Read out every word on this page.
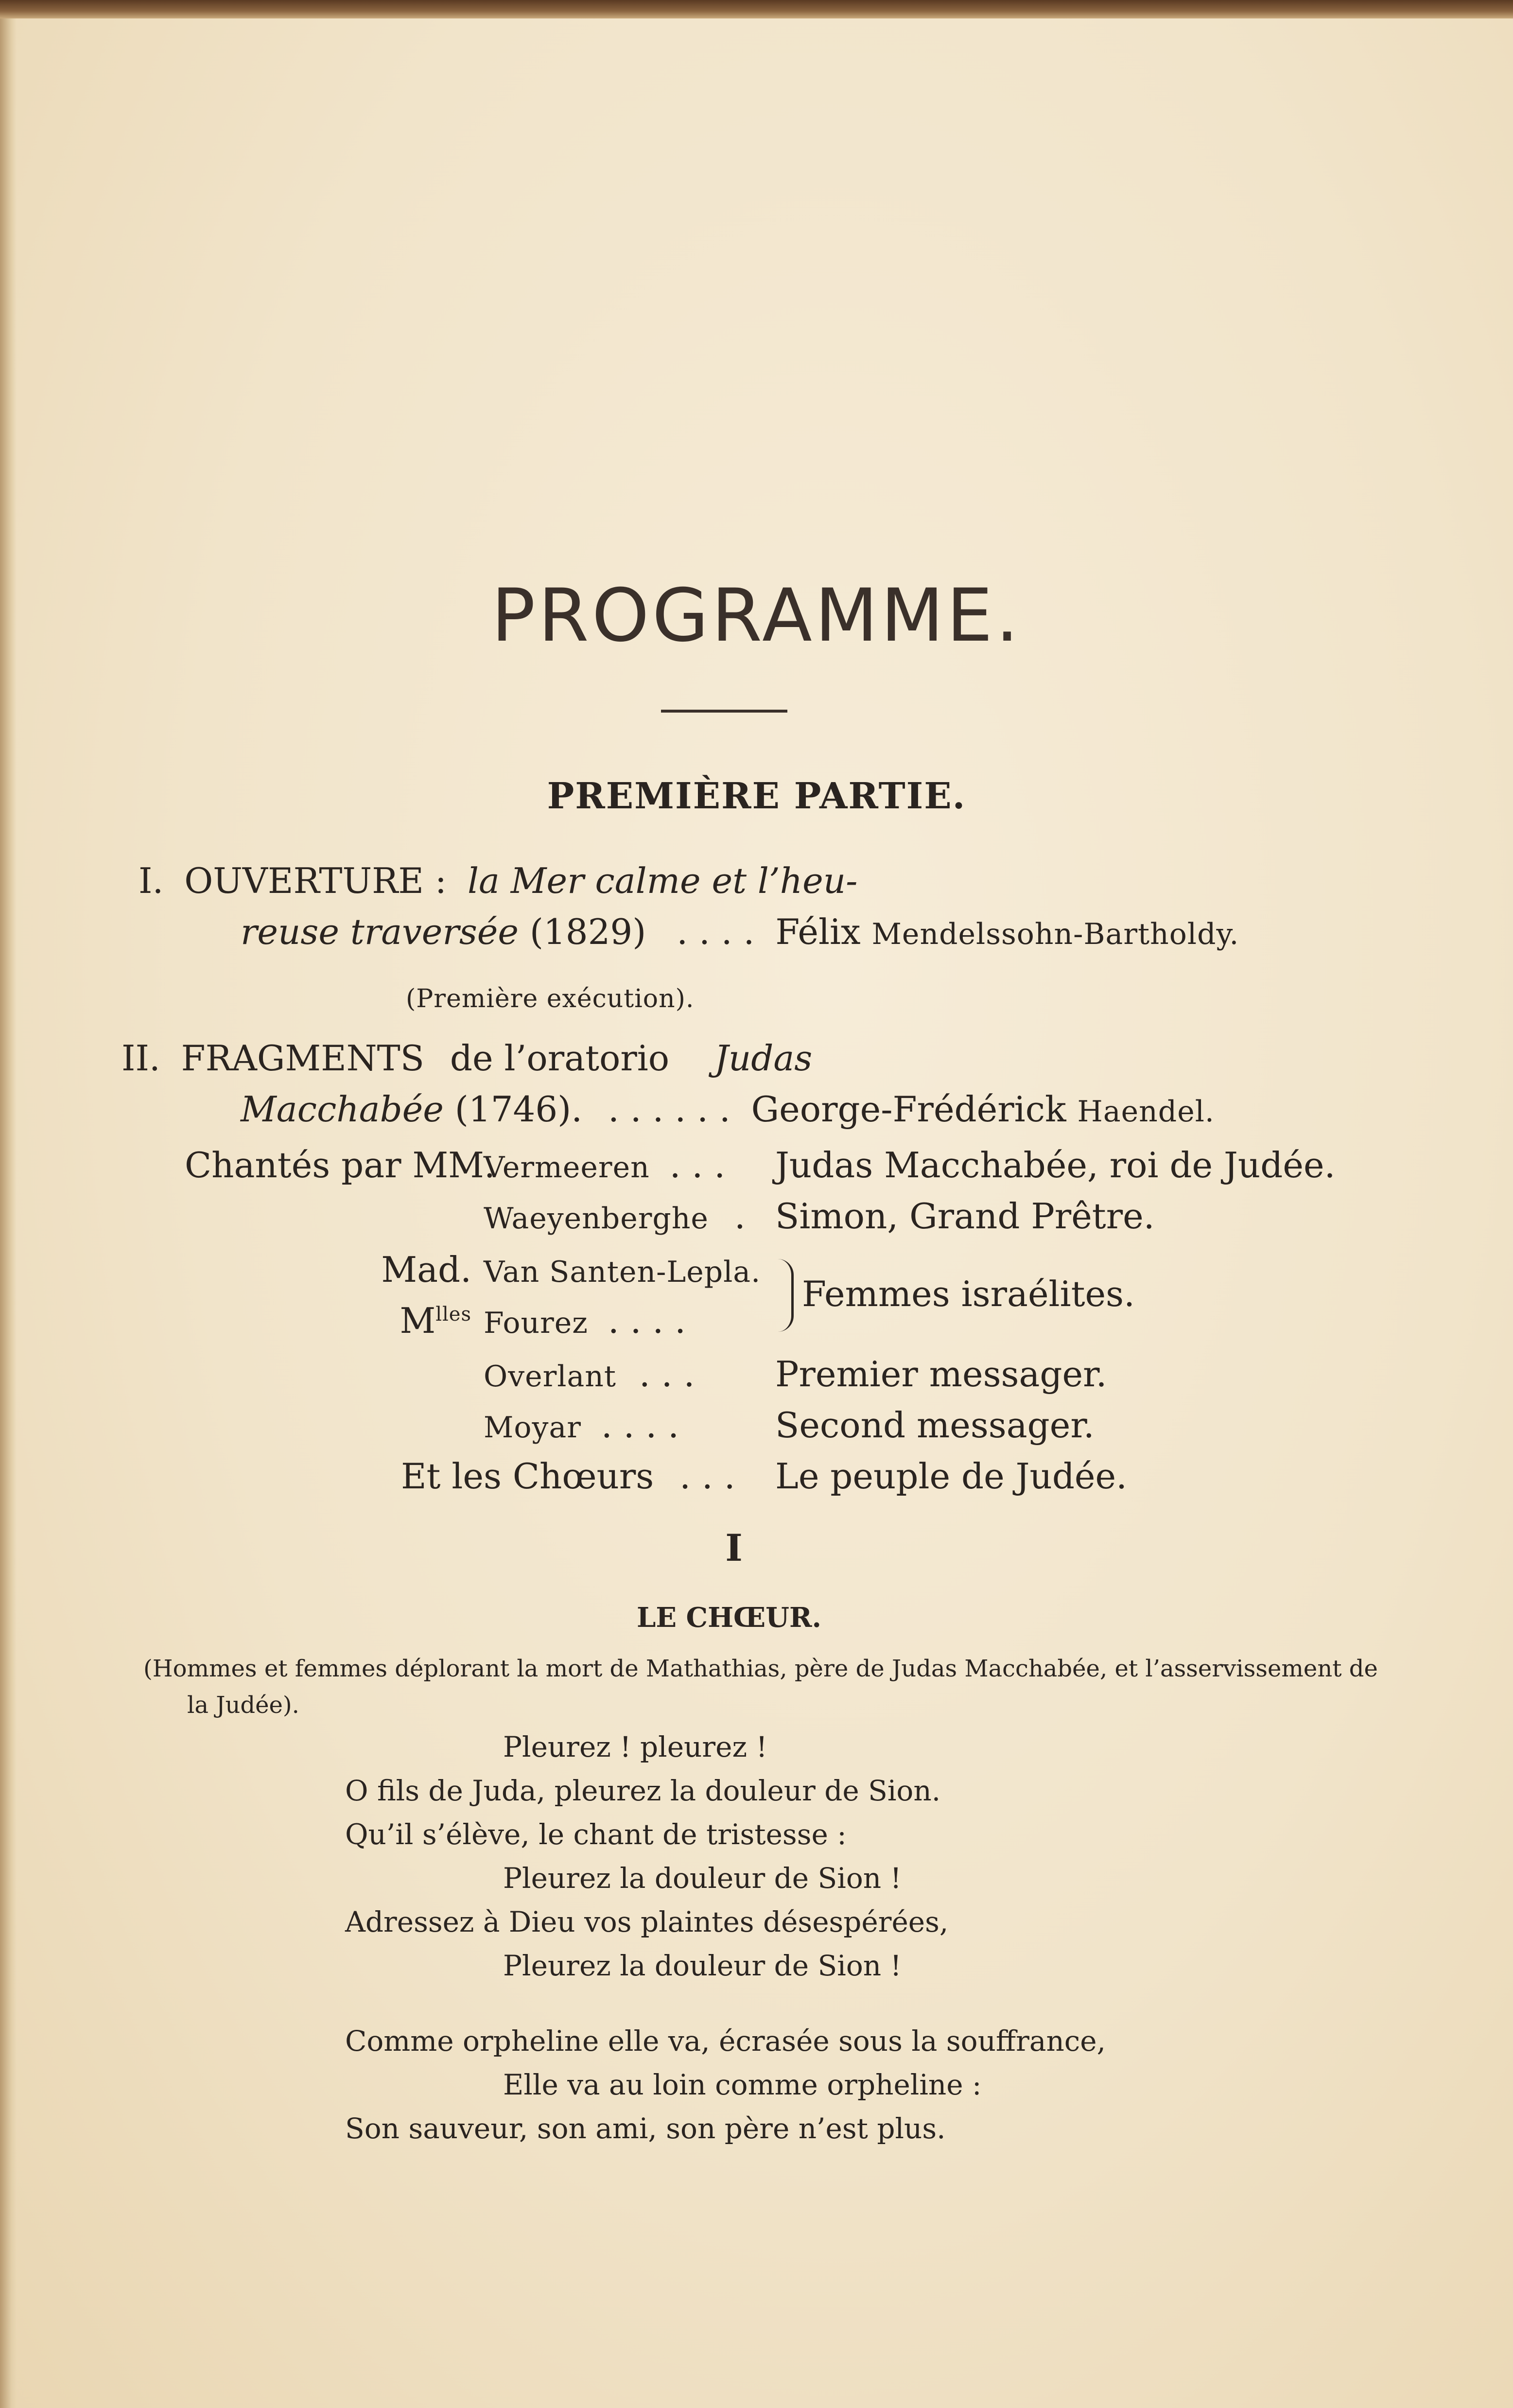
PROGRAMME.
PREMIÈRE PARTIE.
I. OUVERTURE : la Mer calme et l’heu-
reuse traversée (1829) . . . . Félix Mendelssohn-Bartholdy.
(Première exécution).
II. FRAGMENTS de l’oratorio Judas
Macchabée (1746). . . . . . . George-Frédérick Haendel.
Chantés par MM.
Vermeeren . . . Judas Macchabée, roi de Judée.
Waeyenberghe . Simon, Grand Prêtre.
Mad. Van Santen-Lepla.
$M^{lles}$ Fourez . . . .
Femmes israélites.
Overlant . . . Premier messager.
Moyar . . . .	Second messager.
Et les Chœurs . . . Le peuple de Judée.
I
LE CHŒUR.
(Hommes et femmes déplorant la mort de Mathathias, père de Judas Macchabée, et l’asservissement de
la Judée).
Pleurez ! pleurez !
O fils de Juda, pleurez la douleur de Sion.
Qu’il s’élève, le chant de tristesse :
Pleurez la douleur de Sion !
Adressez à Dieu vos plaintes désespérées,
Pleurez la douleur de Sion !
Comme orpheline elle va, écrasée sous la souffrance,
Elle va au loin comme orpheline :
Son sauveur, son ami, son père n’est plus.
